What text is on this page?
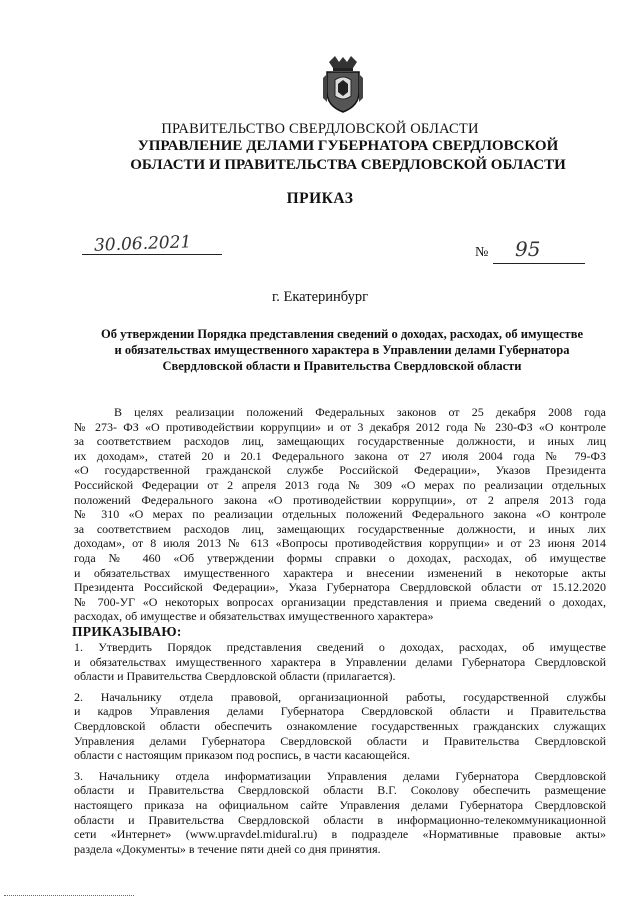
ПРАВИТЕЛЬСТВО СВЕРДЛОВСКОЙ ОБЛАСТИ
УПРАВЛЕНИЕ ДЕЛАМИ ГУБЕРНАТОРА СВЕРДЛОВСКОЙ
ОБЛАСТИ И ПРАВИТЕЛЬСТВА СВЕРДЛОВСКОЙ ОБЛАСТИ
ПРИКАЗ
30.06.2021	№ 95
г. Екатеринбург
Об утверждении Порядка представления сведений о доходах, расходах, об имуществе
и обязательствах имущественного характера в Управлении делами Губернатора
Свердловской области и Правительства Свердловской области
В целях реализации положений Федеральных законов от 25 декабря 2008 года
№ 273- ФЗ «О противодействии коррупции» и от 3 декабря 2012 года № 230-ФЗ «О контроле
за соответствием расходов лиц, замещающих государственные должности, и иных лиц
их доходам», статей 20 и 20.1 Федерального закона от 27 июля 2004 года № 79-ФЗ
«О государственной гражданской службе Российской Федерации», Указов Президента
Российской Федерации от 2 апреля 2013 года № 309 «О мерах по реализации отдельных
положений Федерального закона «О противодействии коррупции», от 2 апреля 2013 года
№ 310 «О мерах по реализации отдельных положений Федерального закона «О контроле
за соответствием расходов лиц, замещающих государственные должности, и иных лих
доходам», от 8 июля 2013 № 613 «Вопросы противодействия коррупции» и от 23 июня 2014
года № 460 «Об утверждении формы справки о доходах, расходах, об имуществе
и обязательствах имущественного характера и внесении изменений в некоторые акты
Президента Российской Федерации», Указа Губернатора Свердловской области от 15.12.2020
№ 700-УГ «О некоторых вопросах организации представления и приема сведений о доходах,
расходах, об имуществе и обязательствах имущественного характера»
ПРИКАЗЫВАЮ:
1. Утвердить Порядок представления сведений о доходах, расходах, об имуществе
и обязательствах имущественного характера в Управлении делами Губернатора Свердловской
области и Правительства Свердловской области (прилагается).
2. Начальнику отдела правовой, организационной работы, государственной службы
и кадров Управления делами Губернатора Свердловской области и Правительства
Свердловской области обеспечить ознакомление государственных гражданских служащих
Управления делами Губернатора Свердловской области и Правительства Свердловской
области с настоящим приказом под роспись, в части касающейся.
3. Начальнику отдела информатизации Управления делами Губернатора Свердловской
области и Правительства Свердловской области В.Г. Соколову обеспечить размещение
настоящего приказа на официальном сайте Управления делами Губернатора Свердловской
области и Правительства Свердловской области в информационно-телекоммуникационной
сети «Интернет» (www.upravdel.midural.ru) в подразделе «Нормативные правовые акты»
раздела «Документы» в течение пяти дней со дня принятия.
